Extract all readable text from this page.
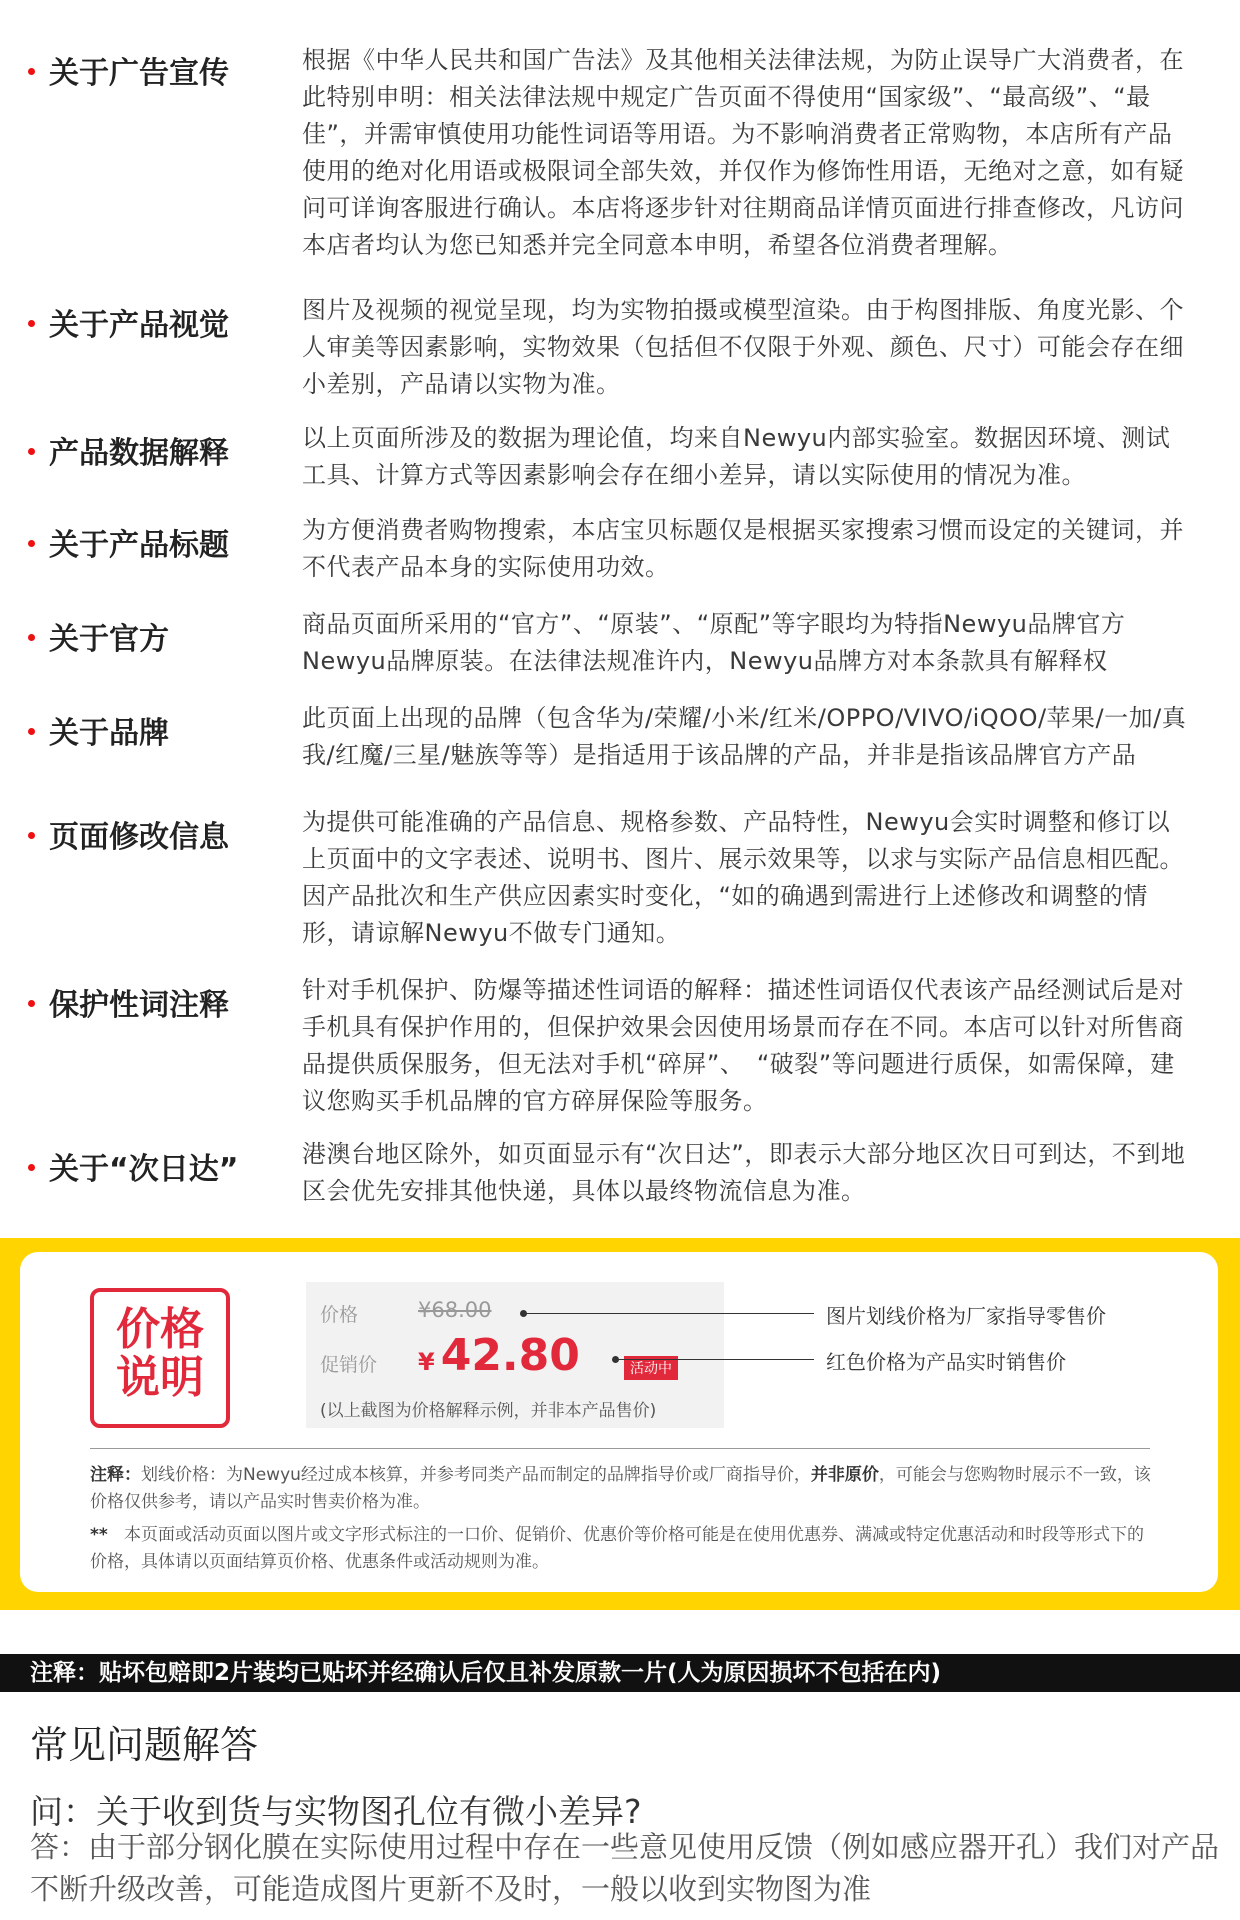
关于广告宣传	根据《中华人民共和国广告法》及其他相关法律法规，为防止误导广大消费者，在此特别申明：相关法律法规中规定广告页面不得使用“国家级”、“最高级”、“最佳”，并需审慎使用功能性词语等用语。为不影响消费者正常购物，本店所有产品使用的绝对化用语或极限词全部失效，并仅作为修饰性用语，无绝对之意，如有疑问可详询客服进行确认。本店将逐步针对往期商品详情页面进行排查修改，凡访问本店者均认为您已知悉并完全同意本申明，希望各位消费者理解。
关于产品视觉	图片及视频的视觉呈现，均为实物拍摄或模型渲染。由于构图排版、角度光影、个人审美等因素影响，实物效果（包括但不仅限于外观、颜色、尺寸）可能会存在细小差别，产品请以实物为准。
产品数据解释	以上页面所涉及的数据为理论值，均来自Newyu内部实验室。数据因环境、测试工具、计算方式等因素影响会存在细小差异，请以实际使用的情况为准。
关于产品标题	为方便消费者购物搜索，本店宝贝标题仅是根据买家搜索习惯而设定的关键词，并不代表产品本身的实际使用功效。
关于官方	商品页面所采用的“官方”、“原装”、“原配”等字眼均为特指Newyu品牌官方Newyu品牌原装。在法律法规准许内，Newyu品牌方对本条款具有解释权
关于品牌	此页面上出现的品牌（包含华为/荣耀/小米/红米/OPPO/VIVO/iQOO/苹果/一加/真我/红魔/三星/魅族等等）是指适用于该品牌的产品，并非是指该品牌官方产品
页面修改信息	为提供可能准确的产品信息、规格参数、产品特性，Newyu会实时调整和修订以上页面中的文字表述、说明书、图片、展示效果等，以求与实际产品信息相匹配。因产品批次和生产供应因素实时变化，“如的确遇到需进行上述修改和调整的情形，请谅解Newyu不做专门通知。
保护性词注释	针对手机保护、防爆等描述性词语的解释：描述性词语仅代表该产品经测试后是对手机具有保护作用的，但保护效果会因使用场景而存在不同。本店可以针对所售商品提供质保服务，但无法对手机“碎屏”、　“破裂”等问题进行质保，如需保障，建议您购买手机品牌的官方碎屏保险等服务。
关于“次日达”	港澳台地区除外，如页面显示有“次日达”，即表示大部分地区次日可到达，不到地区会优先安排其他快递，具体以最终物流信息为准。
价格
说明
价格	¥68.00
促销价 ¥ 42.80	活动中
(以上截图为价格解释示例，并非本产品售价)
图片划线价格为厂家指导零售价
红色价格为产品实时销售价
注释：划线价格：为Newyu经过成本核算，并参考同类产品而制定的品牌指导价或厂商指导价，并非原价，可能会与您购物时展示不一致，该价格仅供参考，请以产品实时售卖价格为准。
** 本页面或活动页面以图片或文字形式标注的一口价、促销价、优惠价等价格可能是在使用优惠券、满减或特定优惠活动和时段等形式下的价格，具体请以页面结算页价格、优惠条件或活动规则为准。
注释：贴坏包赔即2片装均已贴坏并经确认后仅且补发原款一片(人为原因损坏不包括在内)
常见问题解答
问：关于收到货与实物图孔位有微小差异?
答：由于部分钢化膜在实际使用过程中存在一些意见使用反馈（例如感应器开孔）我们对产品不断升级改善，可能造成图片更新不及时，一般以收到实物图为准
